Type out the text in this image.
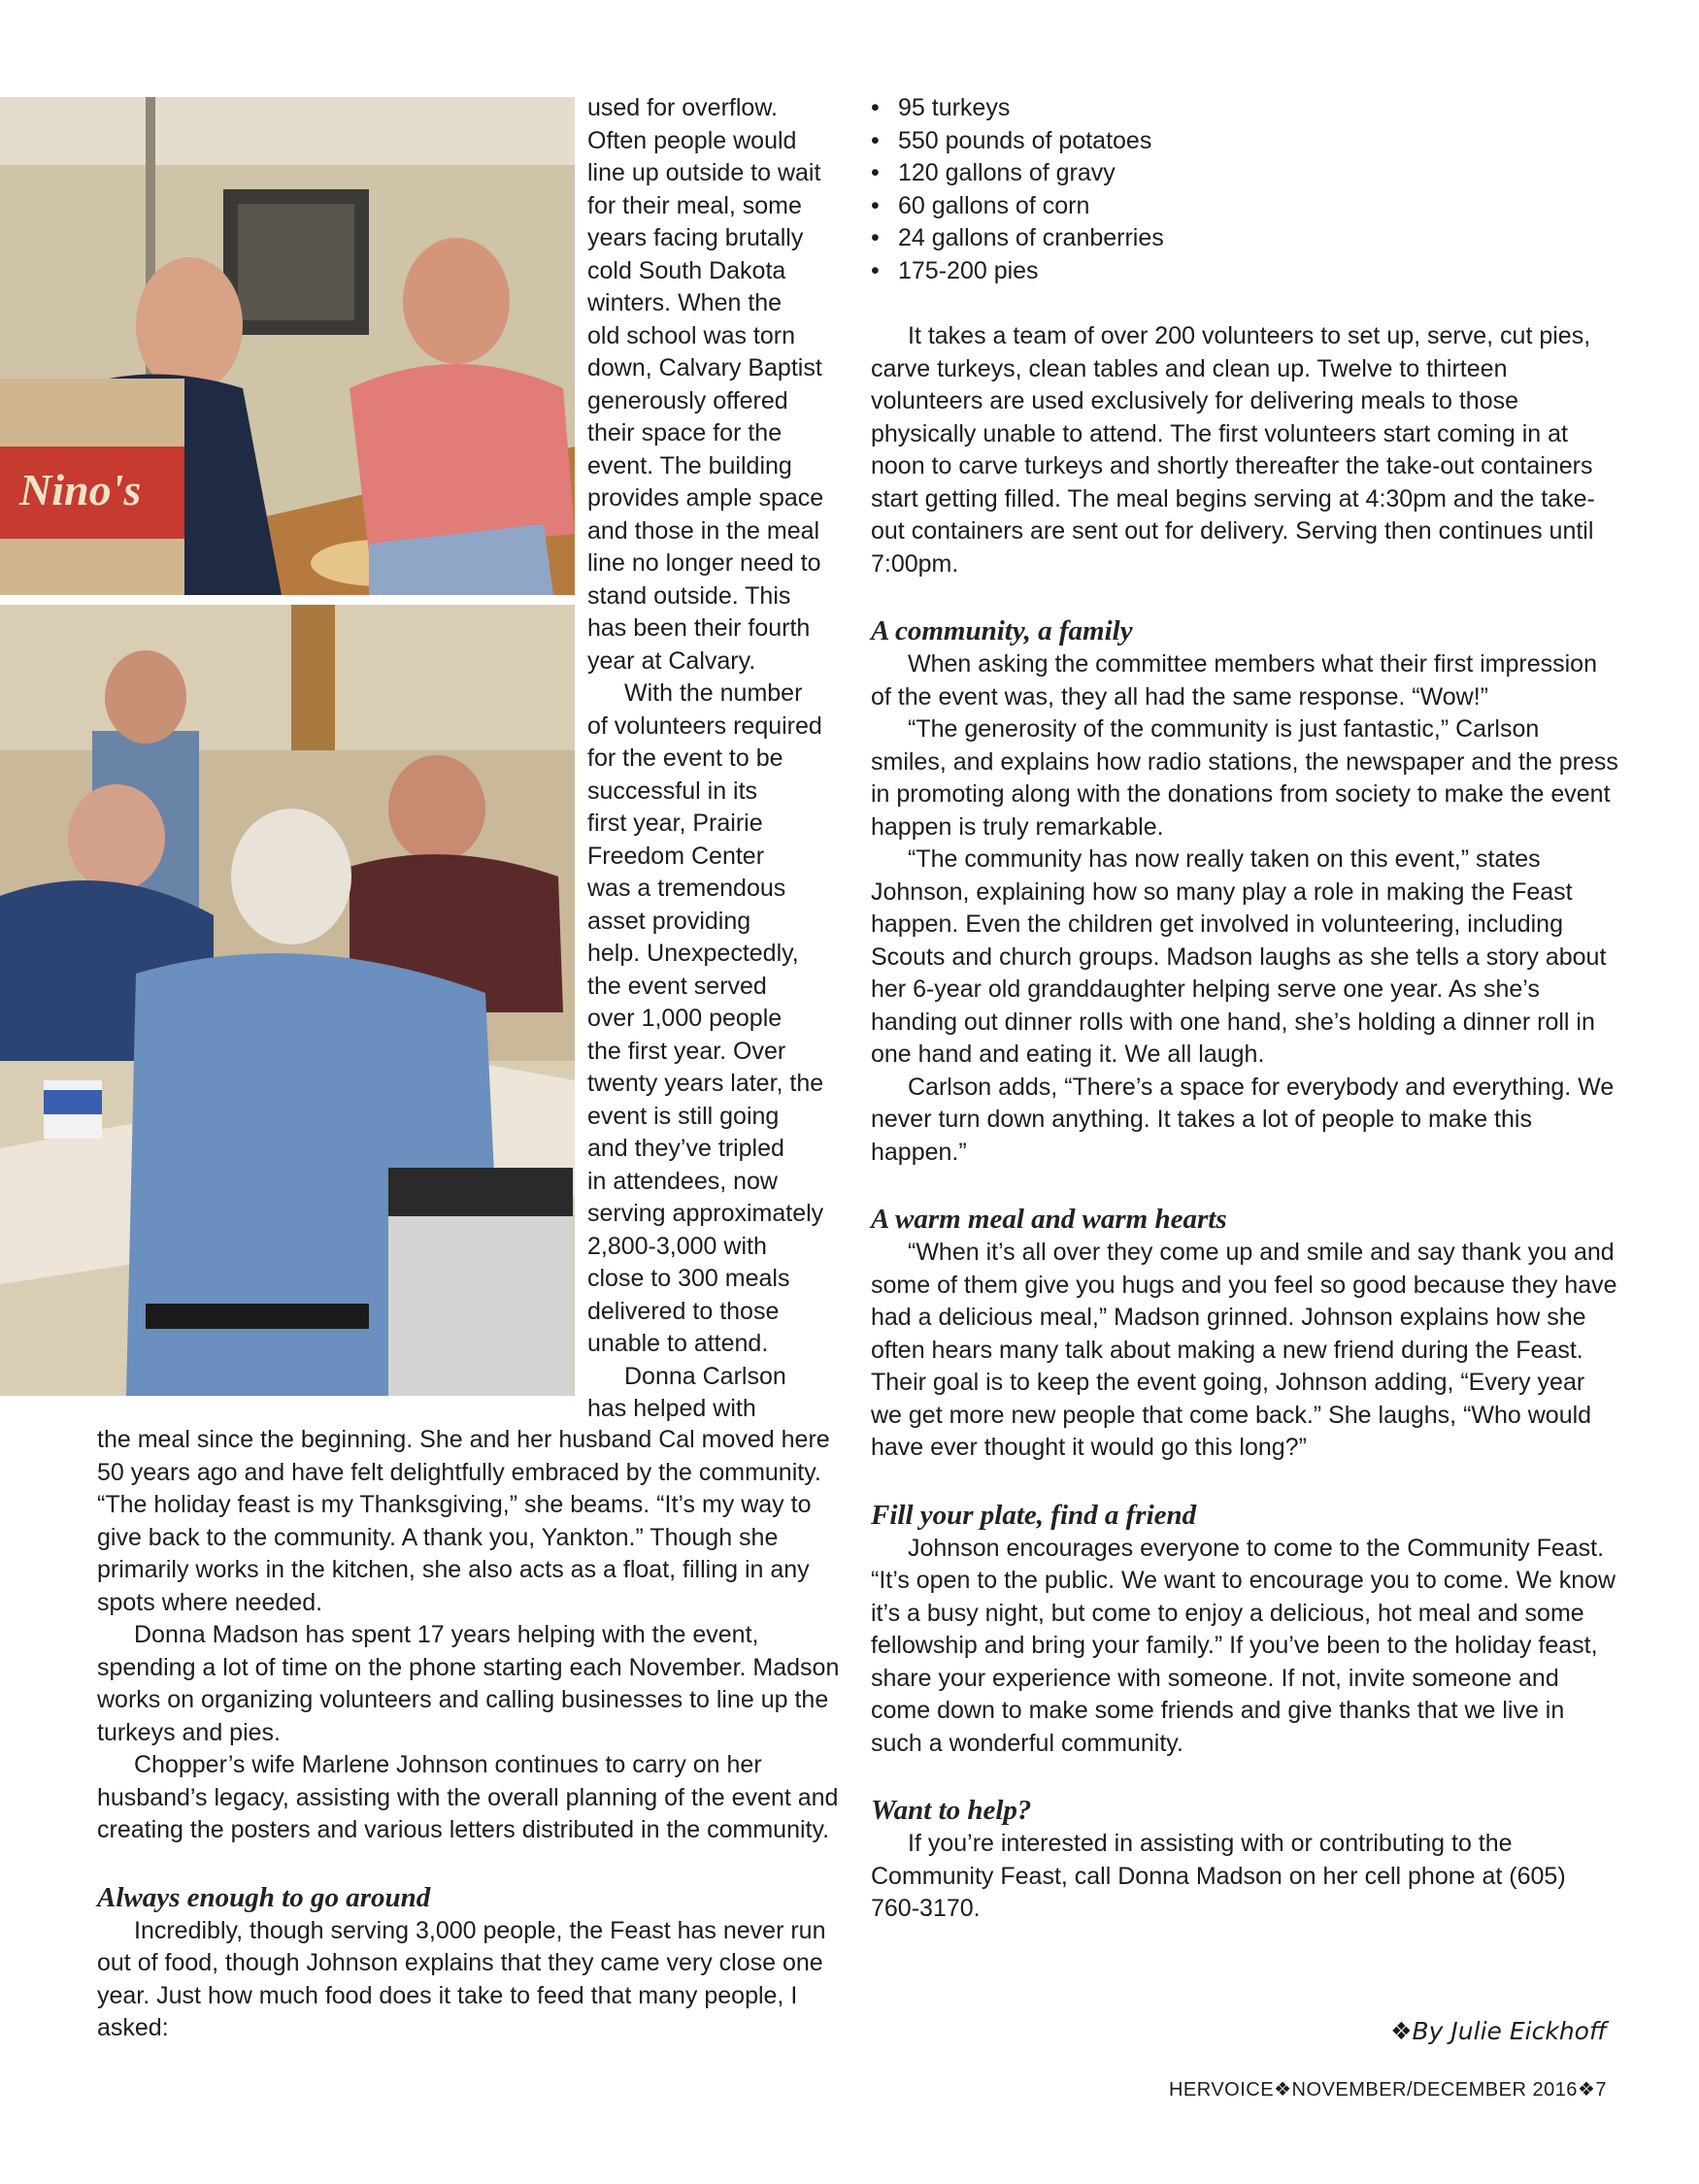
Nino's
used for overflow.
Often people would
line up outside to wait
for their meal, some
years facing brutally
cold South Dakota
winters. When the
old school was torn
down, Calvary Baptist
generously offered
their space for the
event. The building
provides ample space
and those in the meal
line no longer need to
stand outside. This
has been their fourth
year at Calvary.
With the number
of volunteers required
for the event to be
successful in its
first year, Prairie
Freedom Center
was a tremendous
asset providing
help. Unexpectedly,
the event served
over 1,000 people
the first year. Over
twenty years later, the
event is still going
and they’ve tripled
in attendees, now
serving approximately
2,800-3,000 with
close to 300 meals
delivered to those
unable to attend.
Donna Carlson
has helped with

the meal since the beginning. She and her husband Cal moved here 50 years ago and have felt delightfully embraced by the community. “The holiday feast is my Thanksgiving,” she beams. “It’s my way to give back to the community. A thank you, Yankton.” Though she primarily works in the kitchen, she also acts as a float, filling in any spots where needed.

Donna Madson has spent 17 years helping with the event, spending a lot of time on the phone starting each November. Madson works on organizing volunteers and calling businesses to line up the turkeys and pies.

Chopper’s wife Marlene Johnson continues to carry on her husband’s legacy, assisting with the overall planning of the event and creating the posters and various letters distributed in the community.

Always enough to go around

Incredibly, though serving 3,000 people, the Feast has never run out of food, though Johnson explains that they came very close one year. Just how much food does it take to feed that many people, I asked:

• 95 turkeys
• 550 pounds of potatoes
• 120 gallons of gravy
• 60 gallons of corn
• 24 gallons of cranberries
• 175-200 pies

It takes a team of over 200 volunteers to set up, serve, cut pies, carve turkeys, clean tables and clean up. Twelve to thirteen volunteers are used exclusively for delivering meals to those physically unable to attend. The first volunteers start coming in at noon to carve turkeys and shortly thereafter the take-out containers start getting filled. The meal begins serving at 4:30pm and the take-out containers are sent out for delivery. Serving then continues until 7:00pm.

A community, a family

When asking the committee members what their first impression of the event was, they all had the same response. “Wow!”

“The generosity of the community is just fantastic,” Carlson smiles, and explains how radio stations, the newspaper and the press in promoting along with the donations from society to make the event happen is truly remarkable.

“The community has now really taken on this event,” states Johnson, explaining how so many play a role in making the Feast happen. Even the children get involved in volunteering, including Scouts and church groups. Madson laughs as she tells a story about her 6-year old granddaughter helping serve one year. As she’s handing out dinner rolls with one hand, she’s holding a dinner roll in one hand and eating it. We all laugh.

Carlson adds, “There’s a space for everybody and everything. We never turn down anything. It takes a lot of people to make this happen.”

A warm meal and warm hearts

“When it’s all over they come up and smile and say thank you and some of them give you hugs and you feel so good because they have had a delicious meal,” Madson grinned. Johnson explains how she often hears many talk about making a new friend during the Feast. Their goal is to keep the event going, Johnson adding, “Every year we get more new people that come back.” She laughs, “Who would have ever thought it would go this long?”

Fill your plate, find a friend

Johnson encourages everyone to come to the Community Feast. “It’s open to the public. We want to encourage you to come. We know it’s a busy night, but come to enjoy a delicious, hot meal and some fellowship and bring your family.” If you’ve been to the holiday feast, share your experience with someone. If not, invite someone and come down to make some friends and give thanks that we live in such a wonderful community.

Want to help?

If you’re interested in assisting with or contributing to the Community Feast, call Donna Madson on her cell phone at (605) 760-3170.

❖By Julie Eickhoff
HERVOICE❖NOVEMBER/DECEMBER 2016❖7
